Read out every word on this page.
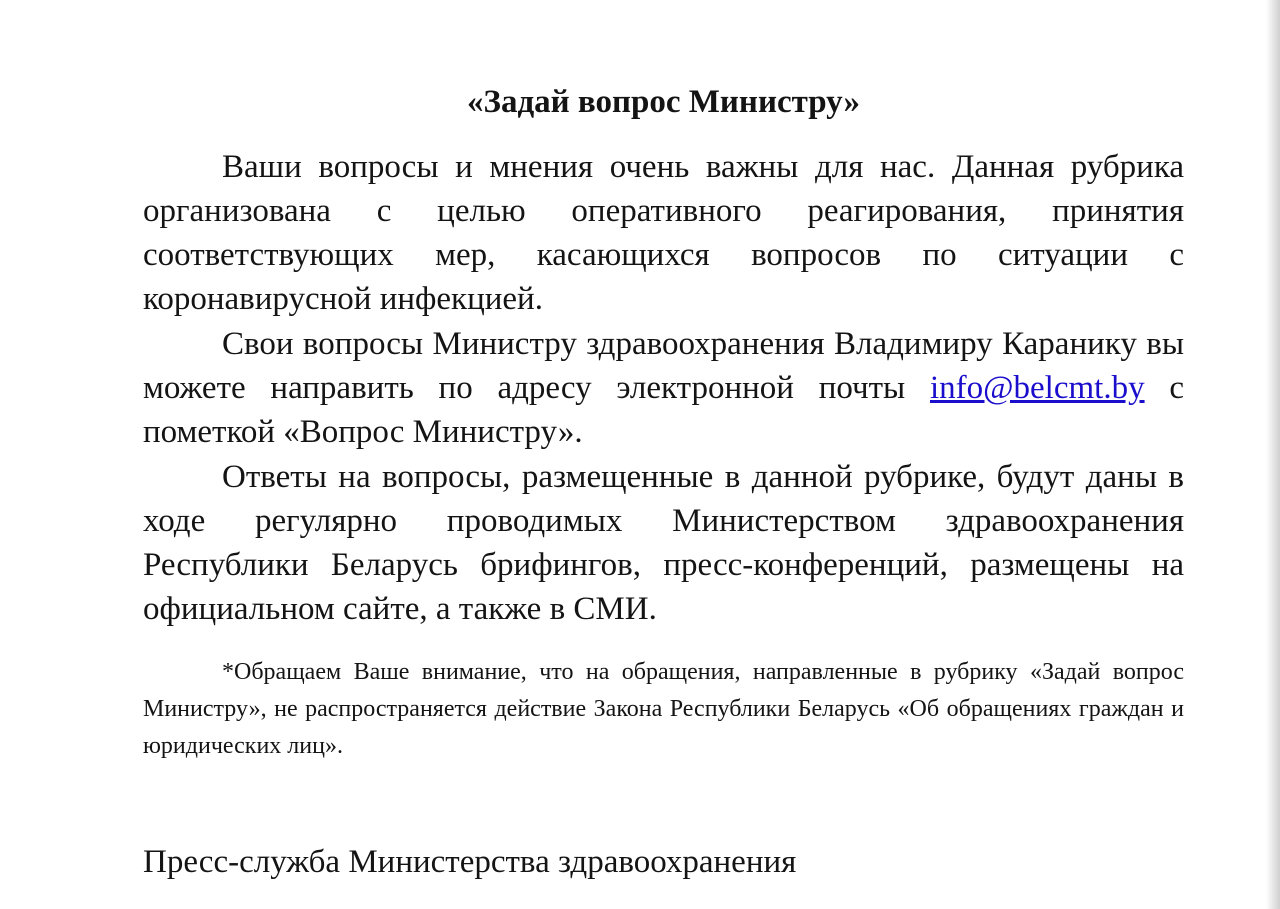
«Задай вопрос Министру»

Ваши вопросы и мнения очень важны для нас. Данная рубрика организована с целью оперативного реагирования, принятия соответствующих мер, касающихся вопросов по ситуации с коронавирусной инфекцией.

Свои вопросы Министру здравоохранения Владимиру Каранику вы можете направить по адресу электронной почты info@belcmt.by с пометкой «Вопрос Министру».

Ответы на вопросы, размещенные в данной рубрике, будут даны в ходе регулярно проводимых Министерством здравоохранения Республики Беларусь брифингов, пресс-конференций, размещены на официальном сайте, а также в СМИ.

*Обращаем Ваше внимание, что на обращения, направленные в рубрику «Задай вопрос Министру», не распространяется действие Закона Республики Беларусь «Об обращениях граждан и юридических лиц».

Пресс-служба Министерства здравоохранения
